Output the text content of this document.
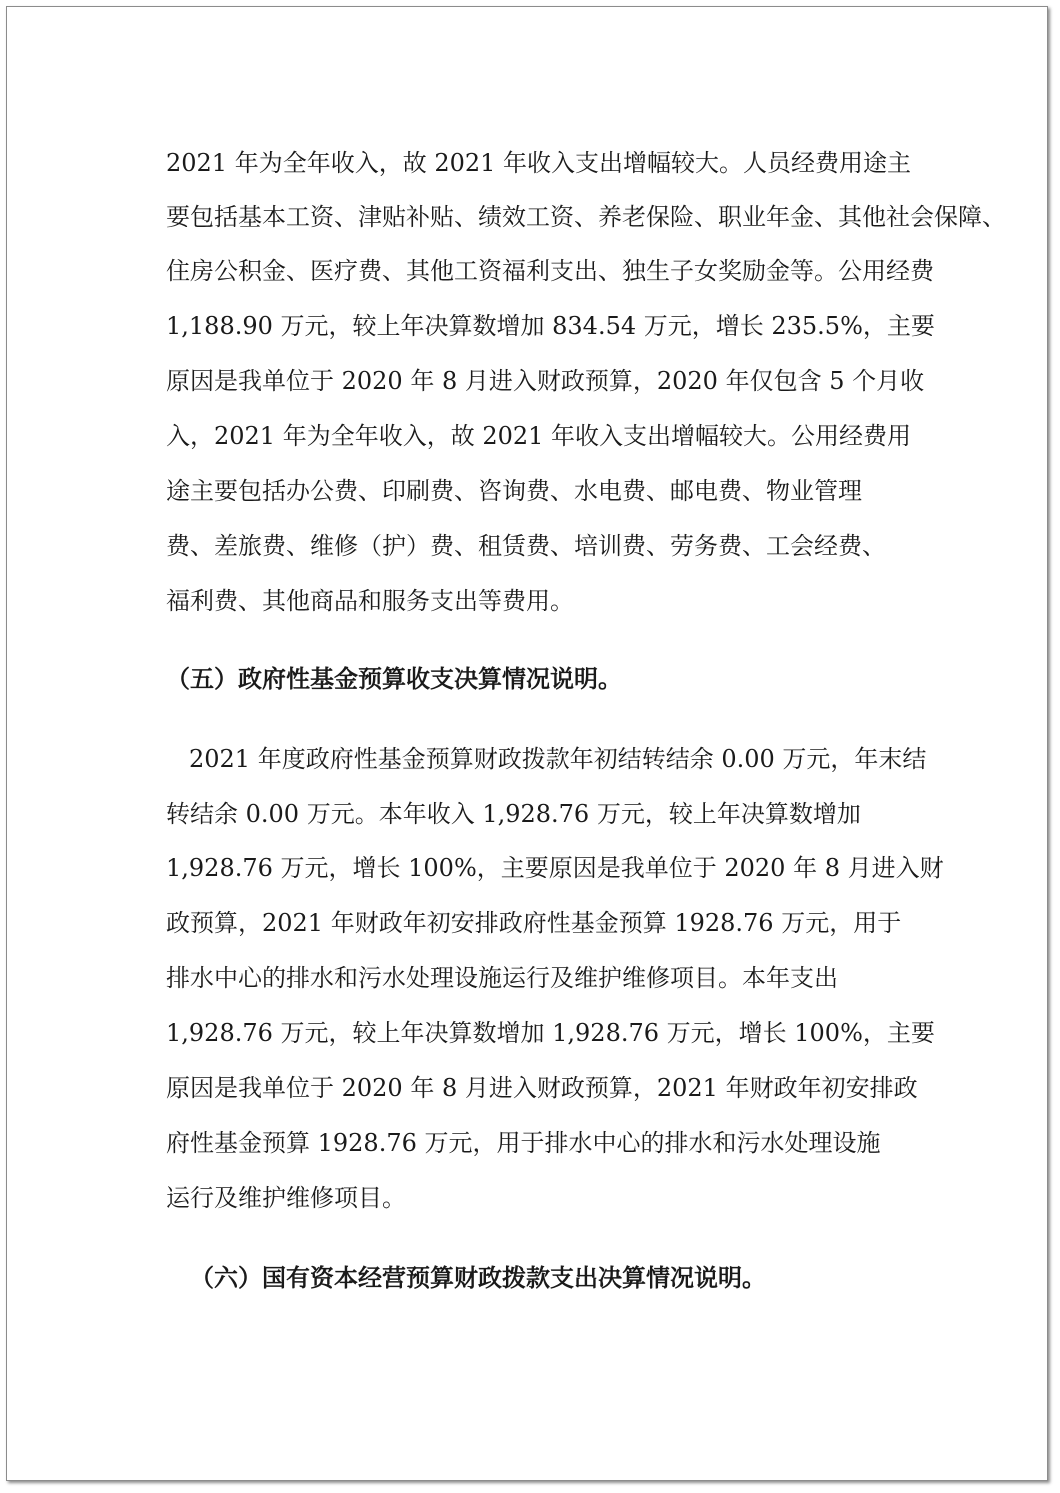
2021 年为全年收入，故 2021 年收入支出增幅较大。人员经费用途主
要包括基本工资、津贴补贴、绩效工资、养老保险、职业年金、其他社会保障、
住房公积金、医疗费、其他工资福利支出、独生子女奖励金等。公用经费
1,188.90 万元，较上年决算数增加 834.54 万元，增长 235.5%，主要
原因是我单位于 2020 年 8 月进入财政预算，2020 年仅包含 5 个月收
入，2021 年为全年收入，故 2021 年收入支出增幅较大。公用经费用
途主要包括办公费、印刷费、咨询费、水电费、邮电费、物业管理
费、差旅费、维修（护）费、租赁费、培训费、劳务费、工会经费、
福利费、其他商品和服务支出等费用。
（五）政府性基金预算收支决算情况说明。
2021 年度政府性基金预算财政拨款年初结转结余 0.00 万元，年末结
转结余 0.00 万元。本年收入 1,928.76 万元，较上年决算数增加
1,928.76 万元，增长 100%，主要原因是我单位于 2020 年 8 月进入财
政预算，2021 年财政年初安排政府性基金预算 1928.76 万元，用于
排水中心的排水和污水处理设施运行及维护维修项目。本年支出
1,928.76 万元，较上年决算数增加 1,928.76 万元，增长 100%，主要
原因是我单位于 2020 年 8 月进入财政预算，2021 年财政年初安排政
府性基金预算 1928.76 万元，用于排水中心的排水和污水处理设施
运行及维护维修项目。
（六）国有资本经营预算财政拨款支出决算情况说明。
